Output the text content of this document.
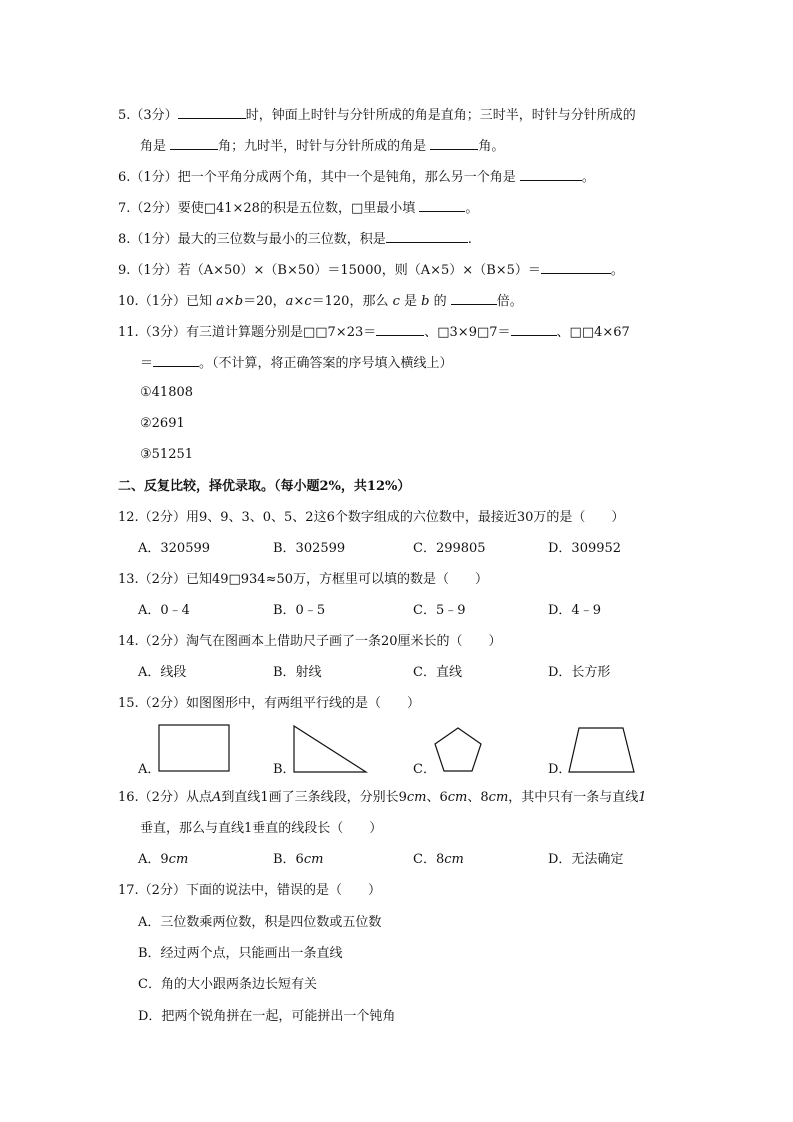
5.（3分）	时，钟面上时针与分针所成的角是直角；三时半，时针与分针所成的
角是	角；九时半，时针与分针所成的角是	角。
6.（1分）把一个平角分成两个角，其中一个是钝角，那么另一个角是	。
7.（2分）要使□41×28的积是五位数，□里最小填	。
8.（1分）最大的三位数与最小的三位数，积是	.
9.（1分）若（A×50）×（B×50）＝15000，则（A×5）×（B×5）＝	。
10.（1分）已知 a×b＝20，a×c＝120，那么 c 是 b 的	倍。
11.（3分）有三道计算题分别是□□7×23＝	、□3×9□7＝	、□□4×67
＝	。（不计算，将正确答案的序号填入横线上）
①41808
②2691
③51251
二、反复比较，择优录取。（每小题2%，共12%）
12.（2分）用9、9、3、0、5、2这6个数字组成的六位数中，最接近30万的是（　　）
A．320599	B．302599	C．299805	D．309952
13.（2分）已知49□934≈50万，方框里可以填的数是（　　）
A．0﹣4	B．0﹣5	C．5﹣9	D．4﹣9
14.（2分）淘气在图画本上借助尺子画了一条20厘米长的（　　）
A．线段	B．射线	C．直线	D．长方形
15.（2分）如图图形中，有两组平行线的是（　　）
A．	B．	C．	D．
16.（2分）从点A到直线1画了三条线段，分别长9cm、6cm、8cm，其中只有一条与直线1
垂直，那么与直线1垂直的线段长（　　）
A．9cm	B．6cm	C．8cm	D．无法确定
17.（2分）下面的说法中，错误的是（　　）
A．三位数乘两位数，积是四位数或五位数
B．经过两个点，只能画出一条直线
C．角的大小跟两条边长短有关
D．把两个锐角拼在一起，可能拼出一个钝角
